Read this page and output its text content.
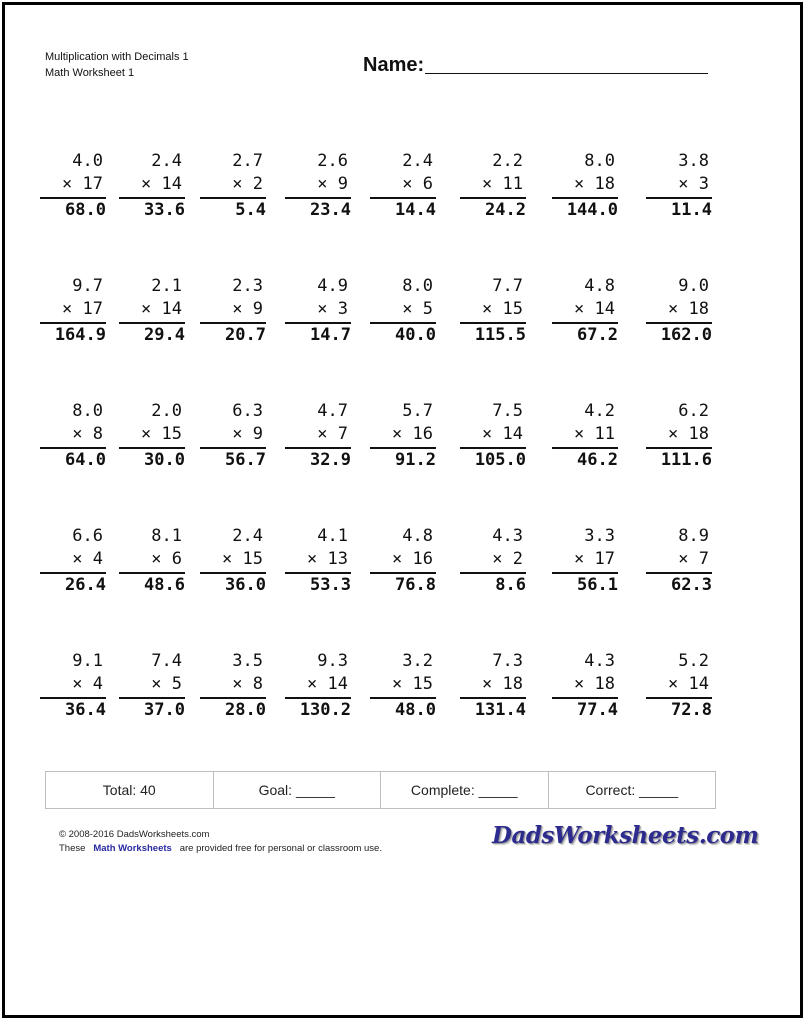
Multiplication with Decimals 1
Math Worksheet 1	Name:
4.0
× 17
68.0
2.4
× 14
33.6
2.7
× 2
5.4
2.6
× 9
23.4
2.4
× 6
14.4
2.2
× 11
24.2
8.0
× 18
144.0
3.8
× 3
11.4
9.7
× 17
164.9
2.1
× 14
29.4
2.3
× 9
20.7
4.9
× 3
14.7
8.0
× 5
40.0
7.7
× 15
115.5
4.8
× 14
67.2
9.0
× 18
162.0
8.0
× 8
64.0
2.0
× 15
30.0
6.3
× 9
56.7
4.7
× 7
32.9
5.7
× 16
91.2
7.5
× 14
105.0
4.2
× 11
46.2
6.2
× 18
111.6
6.6
× 4
26.4
8.1
× 6
48.6
2.4
× 15
36.0
4.1
× 13
53.3
4.8
× 16
76.8
4.3
× 2
8.6
3.3
× 17
56.1
8.9
× 7
62.3
9.1
× 4
36.4
7.4
× 5
37.0
3.5
× 8
28.0
9.3
× 14
130.2
3.2
× 15
48.0
7.3
× 18
131.4
4.3
× 18
77.4
5.2
× 14
72.8
Total: 40	Goal: _____	Complete: _____	Correct: _____
© 2008-2016 DadsWorksheets.com
These Math Worksheets are provided free for personal or classroom use.	DadsWorksheets.com
